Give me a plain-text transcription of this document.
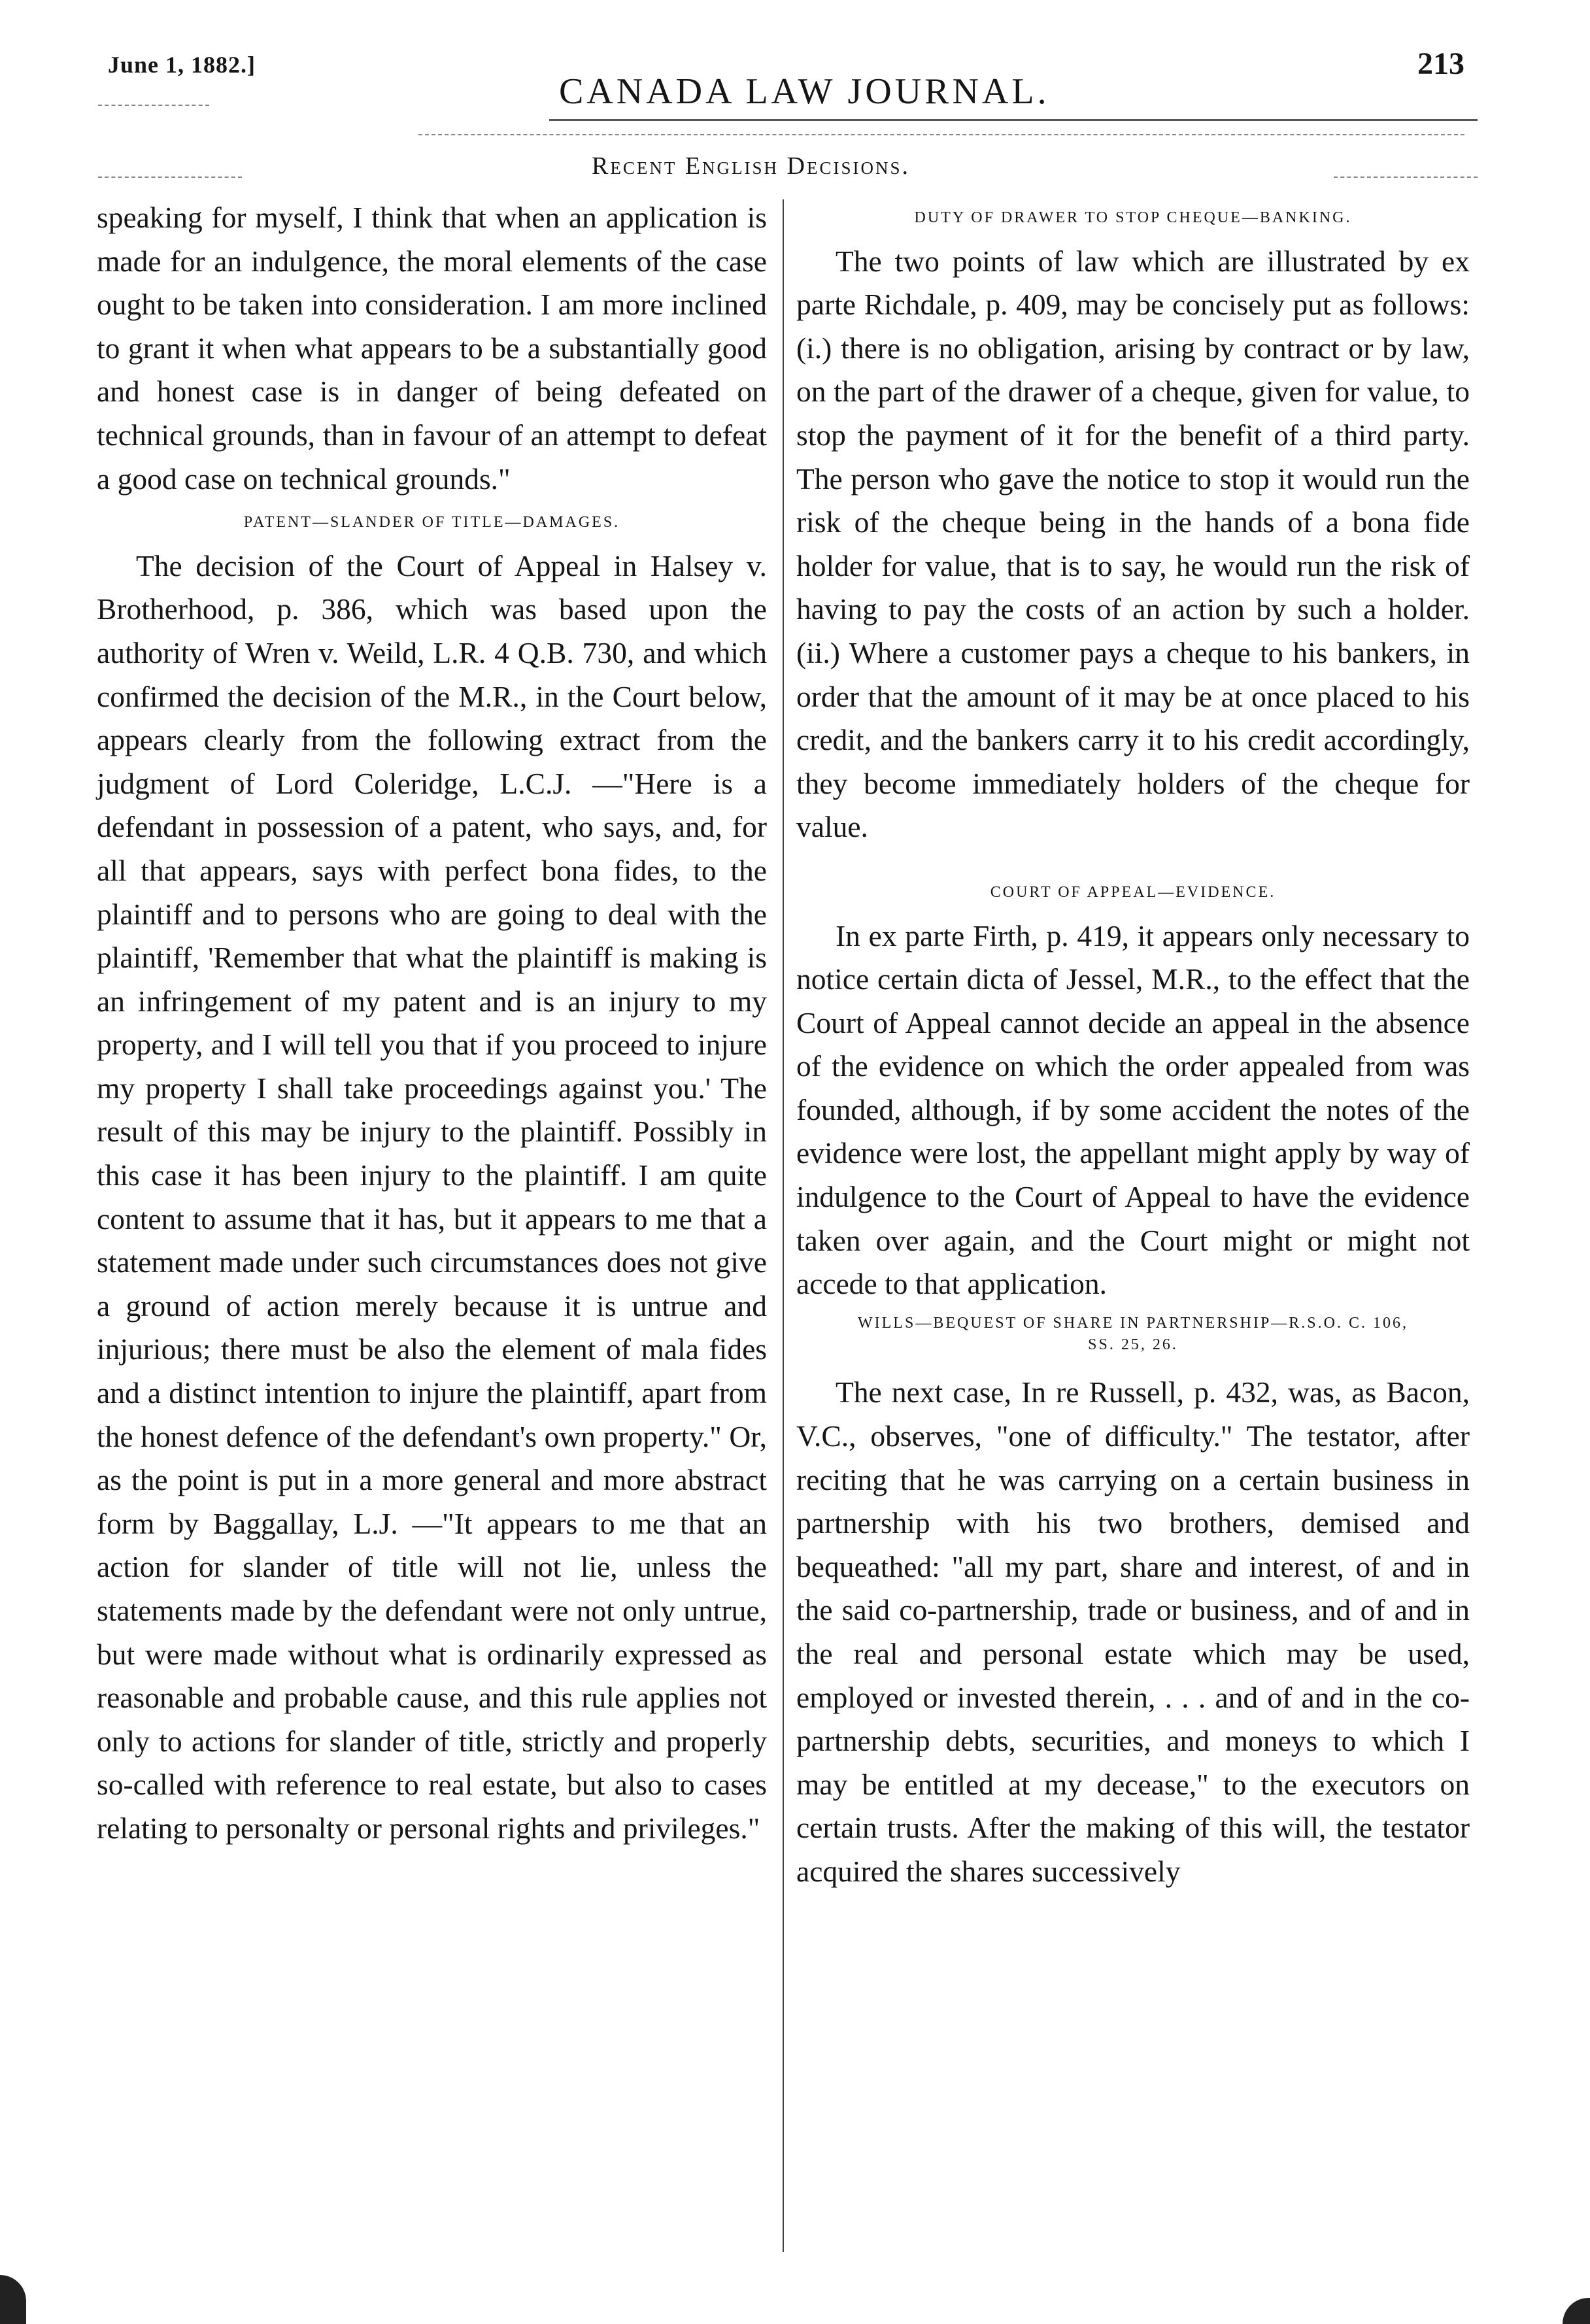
June 1, 1882.]
CANADA LAW JOURNAL.
213
Recent English Decisions.

speaking for myself, I think that when an application is made for an indulgence, the moral elements of the case ought to be taken into consideration. I am more inclined to grant it when what appears to be a substantially good and honest case is in danger of being defeated on technical grounds, than in favour of an attempt to defeat a good case on technical grounds."

PATENT—SLANDER OF TITLE—DAMAGES.

The decision of the Court of Appeal in Halsey v. Brotherhood, p. 386, which was based upon the authority of Wren v. Weild, L.R. 4 Q.B. 730, and which confirmed the decision of the M.R., in the Court below, appears clearly from the following extract from the judgment of Lord Coleridge, L.C.J. —"Here is a defendant in possession of a patent, who says, and, for all that appears, says with perfect bona fides, to the plaintiff and to persons who are going to deal with the plaintiff, 'Remember that what the plaintiff is making is an infringement of my patent and is an injury to my property, and I will tell you that if you proceed to injure my property I shall take proceedings against you.' The result of this may be injury to the plaintiff. Possibly in this case it has been injury to the plaintiff. I am quite content to assume that it has, but it appears to me that a statement made under such circumstances does not give a ground of action merely because it is untrue and injurious; there must be also the element of mala fides and a distinct intention to injure the plaintiff, apart from the honest defence of the defendant's own property." Or, as the point is put in a more general and more abstract form by Baggallay, L.J. —"It appears to me that an action for slander of title will not lie, unless the statements made by the defendant were not only untrue, but were made without what is ordinarily expressed as reasonable and probable cause, and this rule applies not only to actions for slander of title, strictly and properly so-called with reference to real estate, but also to cases relating to personalty or personal rights and privileges."

DUTY OF DRAWER TO STOP CHEQUE—BANKING.

The two points of law which are illustrated by ex parte Richdale, p. 409, may be concisely put as follows: (i.) there is no obligation, arising by contract or by law, on the part of the drawer of a cheque, given for value, to stop the payment of it for the benefit of a third party. The person who gave the notice to stop it would run the risk of the cheque being in the hands of a bona fide holder for value, that is to say, he would run the risk of having to pay the costs of an action by such a holder. (ii.) Where a customer pays a cheque to his bankers, in order that the amount of it may be at once placed to his credit, and the bankers carry it to his credit accordingly, they become immediately holders of the cheque for value.

COURT OF APPEAL—EVIDENCE.

In ex parte Firth, p. 419, it appears only necessary to notice certain dicta of Jessel, M.R., to the effect that the Court of Appeal cannot decide an appeal in the absence of the evidence on which the order appealed from was founded, although, if by some accident the notes of the evidence were lost, the appellant might apply by way of indulgence to the Court of Appeal to have the evidence taken over again, and the Court might or might not accede to that application.

WILLS—BEQUEST OF SHARE IN PARTNERSHIP—R.S.O. C. 106,
SS. 25, 26.

The next case, In re Russell, p. 432, was, as Bacon, V.C., observes, "one of difficulty." The testator, after reciting that he was carrying on a certain business in partnership with his two brothers, demised and bequeathed: "all my part, share and interest, of and in the said co-partnership, trade or business, and of and in the real and personal estate which may be used, employed or invested therein, . . . and of and in the co-partnership debts, securities, and moneys to which I may be entitled at my decease," to the executors on certain trusts. After the making of this will, the testator acquired the shares successively
